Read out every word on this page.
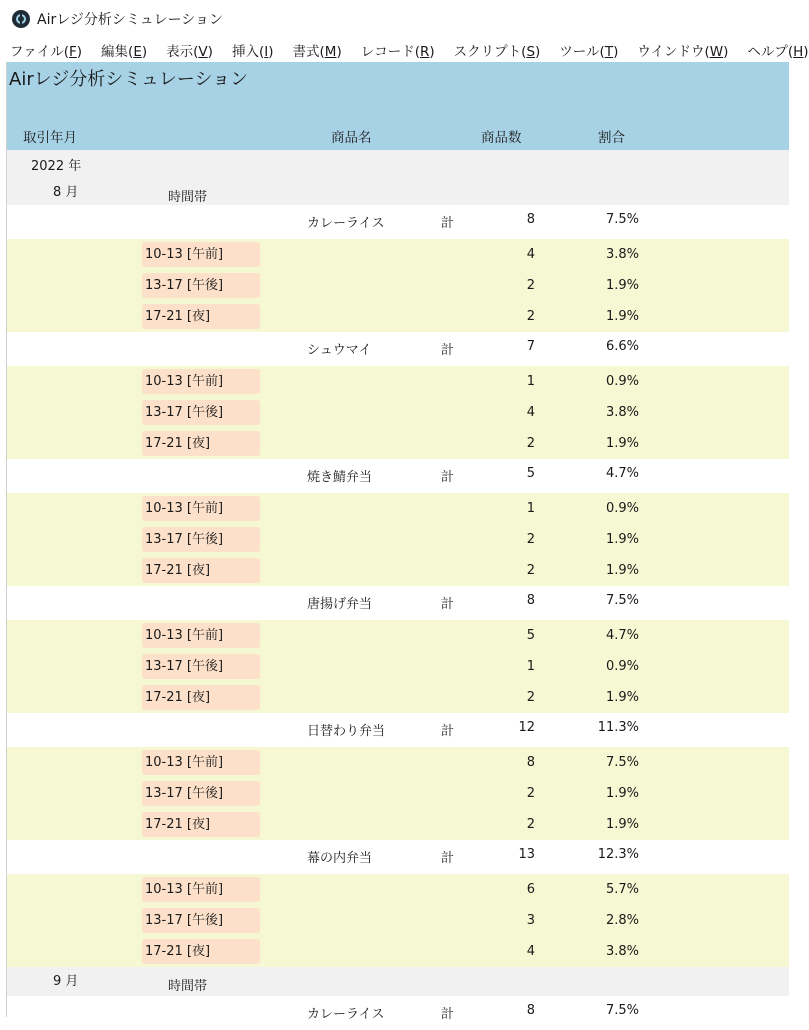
Airレジ分析シミュレーション
ファイル(F)	編集(E)	表示(V)	挿入(I)	書式(M)	レコード(R)	スクリプト(S)	ツール(T)	ウインドウ(W)	ヘルプ(H)
Airレジ分析シミュレーション
取引年月	商品名	商品数	割合
2022 年
8 月	時間帯
カレーライス	計	8	7.5%
10-13 [午前]	4	3.8%
13-17 [午後]	2	1.9%
17-21 [夜]	2	1.9%
シュウマイ	計	7	6.6%
10-13 [午前]	1	0.9%
13-17 [午後]	4	3.8%
17-21 [夜]	2	1.9%
焼き鯖弁当	計	5	4.7%
10-13 [午前]	1	0.9%
13-17 [午後]	2	1.9%
17-21 [夜]	2	1.9%
唐揚げ弁当	計	8	7.5%
10-13 [午前]	5	4.7%
13-17 [午後]	1	0.9%
17-21 [夜]	2	1.9%
日替わり弁当	計	12	11.3%
10-13 [午前]	8	7.5%
13-17 [午後]	2	1.9%
17-21 [夜]	2	1.9%
幕の内弁当	計	13	12.3%
10-13 [午前]	6	5.7%
13-17 [午後]	3	2.8%
17-21 [夜]	4	3.8%
9 月	時間帯
カレーライス	計	8	7.5%
